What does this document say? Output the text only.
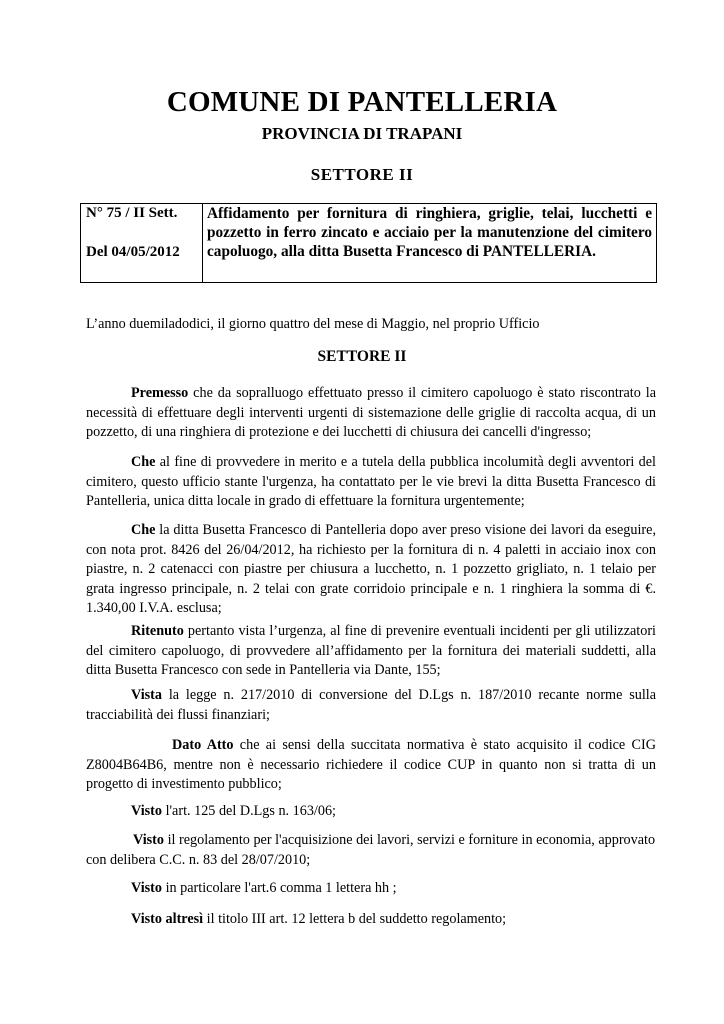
COMUNE DI PANTELLERIA
PROVINCIA DI TRAPANI
SETTORE II
N° 75 / II Sett.
Del 04/05/2012
Affidamento per fornitura di ringhiera, griglie, telai, lucchetti e pozzetto in ferro zincato e acciaio per la manutenzione del cimitero capoluogo, alla ditta Busetta Francesco di PANTELLERIA.
L’anno duemiladodici, il giorno quattro del mese di Maggio, nel proprio Ufficio
SETTORE II
Premesso che da sopralluogo effettuato presso il cimitero capoluogo è stato riscontrato la necessità di effettuare degli interventi urgenti di sistemazione delle griglie di raccolta acqua, di un pozzetto, di una ringhiera di protezione e dei lucchetti di chiusura dei cancelli d'ingresso;
Che al fine di provvedere in merito e a tutela della pubblica incolumità degli avventori del cimitero, questo ufficio stante l'urgenza, ha contattato per le vie brevi la ditta Busetta Francesco di Pantelleria, unica ditta locale in grado di effettuare la fornitura urgentemente;
Che la ditta Busetta Francesco di Pantelleria dopo aver preso visione dei lavori da eseguire, con nota prot. 8426 del 26/04/2012, ha richiesto per la fornitura di n. 4 paletti in acciaio inox con piastre, n. 2 catenacci con piastre per chiusura a lucchetto, n. 1 pozzetto grigliato, n. 1 telaio per grata ingresso principale, n. 2 telai con grate corridoio principale e n. 1 ringhiera la somma di €. 1.340,00 I.V.A. esclusa;
Ritenuto pertanto vista l’urgenza, al fine di prevenire eventuali incidenti per gli utilizzatori del cimitero capoluogo, di provvedere all’affidamento per la fornitura dei materiali suddetti, alla ditta Busetta Francesco con sede in Pantelleria via Dante, 155;
Vista la legge n. 217/2010 di conversione del D.Lgs n. 187/2010 recante norme sulla tracciabilità dei flussi finanziari;
Dato Atto che ai sensi della succitata normativa è stato acquisito il codice CIG Z8004B64B6, mentre non è necessario richiedere il codice CUP in quanto non si tratta di un progetto di investimento pubblico;
Visto l'art. 125 del D.Lgs n. 163/06;
Visto il regolamento per l'acquisizione dei lavori, servizi e forniture in economia, approvato con delibera C.C. n. 83 del 28/07/2010;
Visto in particolare l'art.6 comma 1 lettera hh ;
Visto altresì il titolo III art. 12 lettera b del suddetto regolamento;
